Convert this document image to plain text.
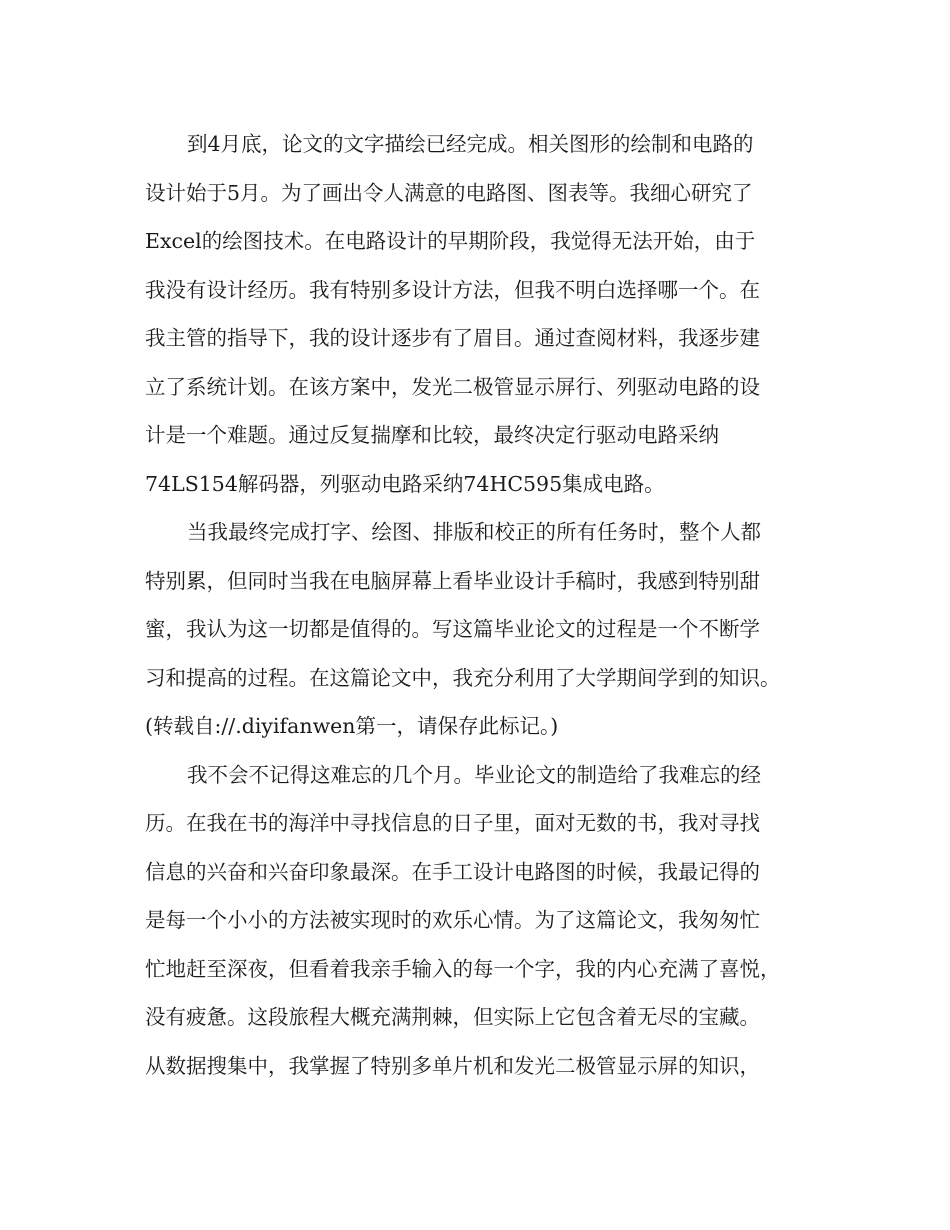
到4月底，论文的文字描绘已经完成。相关图形的绘制和电路的
设计始于5月。为了画出令人满意的电路图、图表等。我细心研究了
Excel的绘图技术。在电路设计的早期阶段，我觉得无法开始，由于
我没有设计经历。我有特别多设计方法，但我不明白选择哪一个。在
我主管的指导下，我的设计逐步有了眉目。通过查阅材料，我逐步建
立了系统计划。在该方案中，发光二极管显示屏行、列驱动电路的设
计是一个难题。通过反复揣摩和比较，最终决定行驱动电路采纳
74LS154解码器，列驱动电路采纳74HC595集成电路。
当我最终完成打字、绘图、排版和校正的所有任务时，整个人都
特别累，但同时当我在电脑屏幕上看毕业设计手稿时，我感到特别甜
蜜，我认为这一切都是值得的。写这篇毕业论文的过程是一个不断学
习和提高的过程。在这篇论文中，我充分利用了大学期间学到的知识。
(转载自://.diyifanwen第一，请保存此标记。)
我不会不记得这难忘的几个月。毕业论文的制造给了我难忘的经
历。在我在书的海洋中寻找信息的日子里，面对无数的书，我对寻找
信息的兴奋和兴奋印象最深。在手工设计电路图的时候，我最记得的
是每一个小小的方法被实现时的欢乐心情。为了这篇论文，我匆匆忙
忙地赶至深夜，但看着我亲手输入的每一个字，我的内心充满了喜悦，
没有疲惫。这段旅程大概充满荆棘，但实际上它包含着无尽的宝藏。
从数据搜集中，我掌握了特别多单片机和发光二极管显示屏的知识，
